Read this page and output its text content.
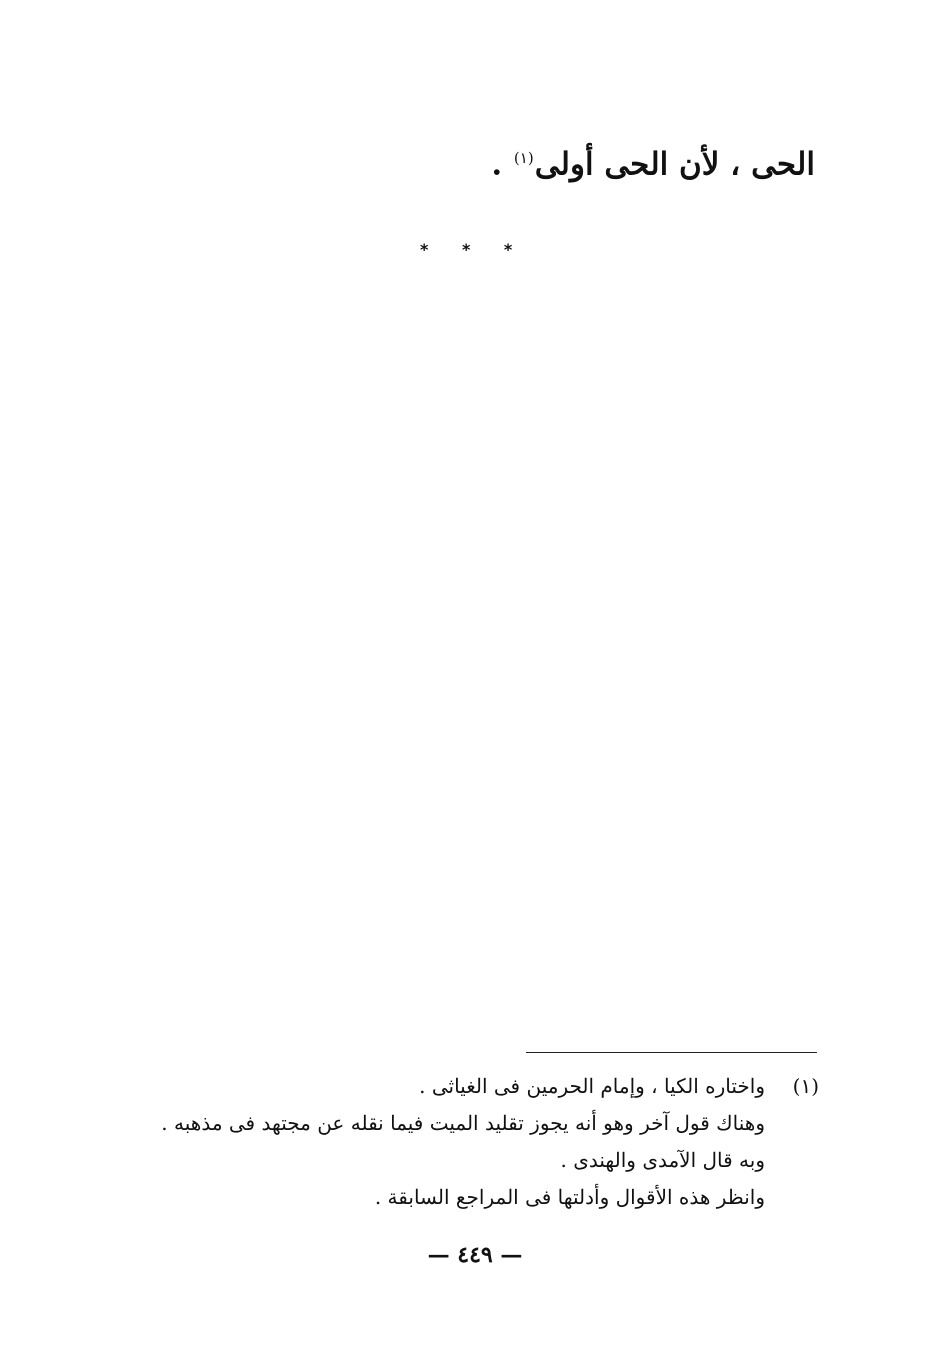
الحى ، لأن الحى أولى$^{(١)}$ .
* * *
(١)
واختاره الكيا ، وإمام الحرمين فى الغياثى .
وهناك قول آخر وهو أنه يجوز تقليد الميت فيما نقله عن مجتهد فى مذهبه .
وبه قال الآمدى والهندى .
وانظر هذه الأقوال وأدلتها فى المراجع السابقة .
— ٤٤٩ —
